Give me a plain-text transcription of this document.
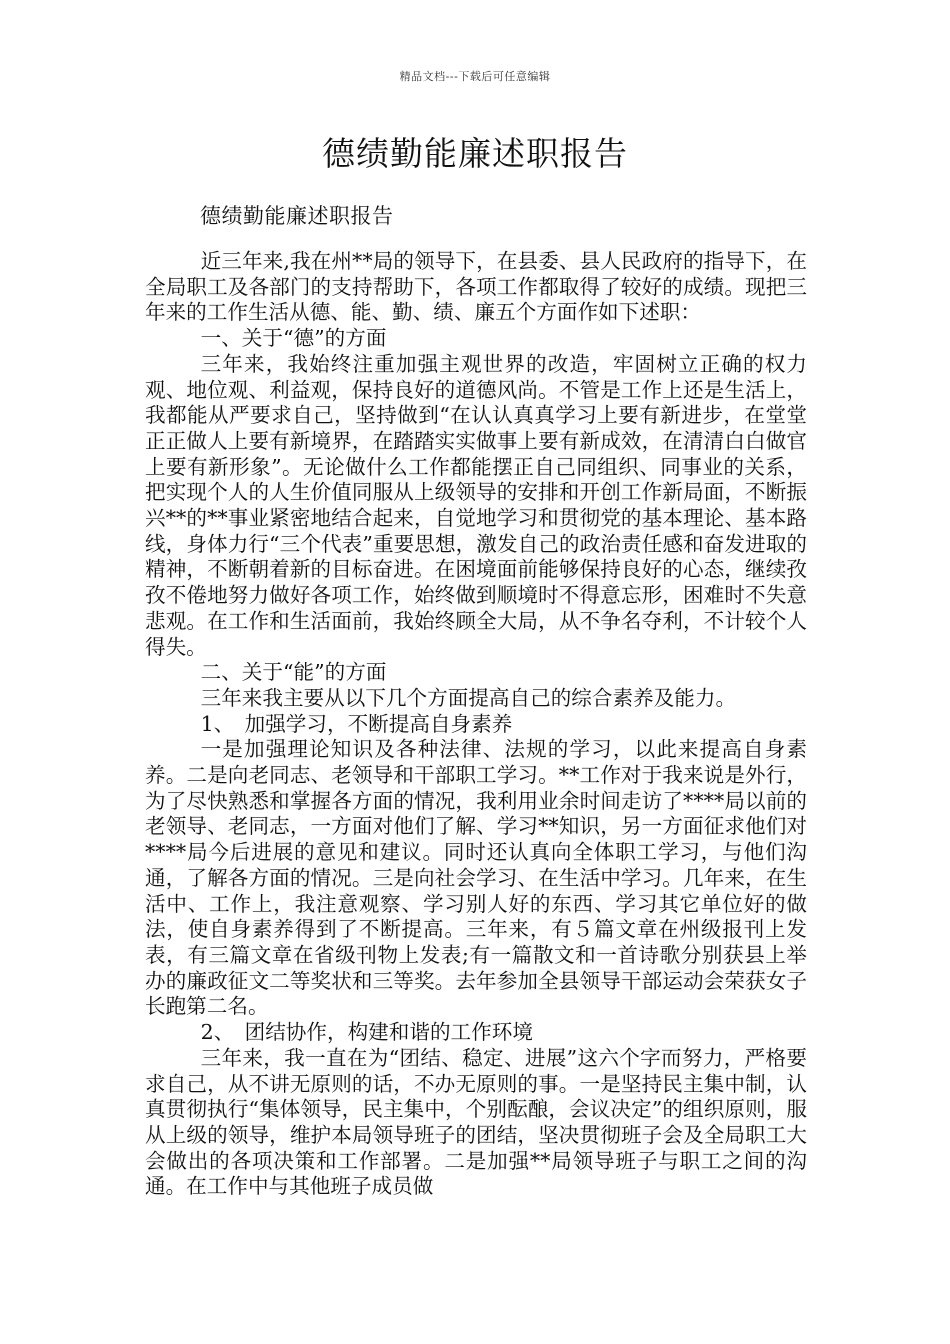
精品文档---下载后可任意编辑
德绩勤能廉述职报告
德绩勤能廉述职报告

近三年来,我在州**局的领导下，在县委、县人民政府的指导下，在全局职工及各部门的支持帮助下，各项工作都取得了较好的成绩。现把三年来的工作生活从德、能、勤、绩、廉五个方面作如下述职：

一、关于“德”的方面

三年来，我始终注重加强主观世界的改造，牢固树立正确的权力观、地位观、利益观，保持良好的道德风尚。不管是工作上还是生活上，我都能从严要求自己，坚持做到“在认认真真学习上要有新进步，在堂堂正正做人上要有新境界，在踏踏实实做事上要有新成效，在清清白白做官上要有新形象”。无论做什么工作都能摆正自己同组织、同事业的关系，把实现个人的人生价值同服从上级领导的安排和开创工作新局面，不断振兴**的**事业紧密地结合起来，自觉地学习和贯彻党的基本理论、基本路线，身体力行“三个代表”重要思想，激发自己的政治责任感和奋发进取的精神，不断朝着新的目标奋进。在困境面前能够保持良好的心态，继续孜孜不倦地努力做好各项工作，始终做到顺境时不得意忘形，困难时不失意悲观。在工作和生活面前，我始终顾全大局，从不争名夺利，不计较个人得失。

二、关于“能”的方面

三年来我主要从以下几个方面提高自己的综合素养及能力。

1、　加强学习，不断提高自身素养

一是加强理论知识及各种法律、法规的学习，以此来提高自身素养。二是向老同志、老领导和干部职工学习。**工作对于我来说是外行，为了尽快熟悉和掌握各方面的情况，我利用业余时间走访了****局以前的老领导、老同志，一方面对他们了解、学习**知识，另一方面征求他们对****局今后进展的意见和建议。同时还认真向全体职工学习，与他们沟通，了解各方面的情况。三是向社会学习、在生活中学习。几年来，在生活中、工作上，我注意观察、学习别人好的东西、学习其它单位好的做法，使自身素养得到了不断提高。三年来，有５篇文章在州级报刊上发表，有三篇文章在省级刊物上发表;有一篇散文和一首诗歌分别获县上举办的廉政征文二等奖状和三等奖。去年参加全县领导干部运动会荣获女子长跑第二名。

2、　团结协作，构建和谐的工作环境

三年来，我一直在为“团结、稳定、进展”这六个字而努力，严格要求自己，从不讲无原则的话，不办无原则的事。一是坚持民主集中制，认真贯彻执行“集体领导，民主集中，个别酝酿，会议决定”的组织原则，服从上级的领导，维护本局领导班子的团结，坚决贯彻班子会及全局职工大会做出的各项决策和工作部署。二是加强**局领导班子与职工之间的沟通。在工作中与其他班子成员做
